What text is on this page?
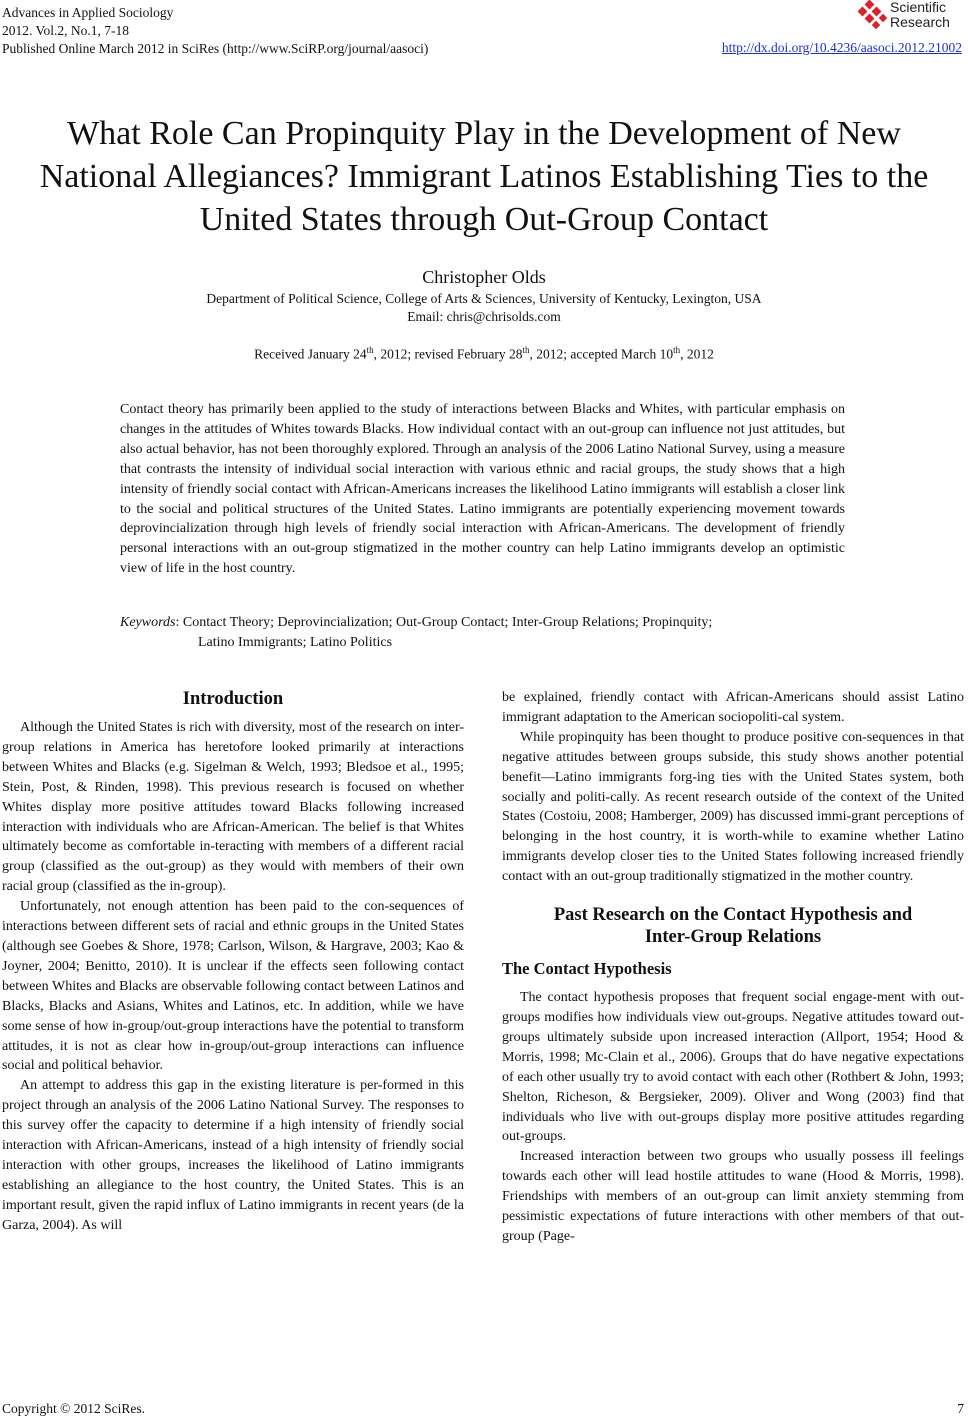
Advances in Applied Sociology
2012. Vol.2, No.1, 7-18
Published Online March 2012 in SciRes (http://www.SciRP.org/journal/aasoci)
Scientific
Research
http://dx.doi.org/10.4236/aasoci.2012.21002
What Role Can Propinquity Play in the Development of New
National Allegiances? Immigrant Latinos Establishing Ties to the
United States through Out-Group Contact
Christopher Olds
Department of Political Science, College of Arts & Sciences, University of Kentucky, Lexington, USA
Email: chris@chrisolds.com
Received January 24th, 2012; revised February 28th, 2012; accepted March 10th, 2012
Contact theory has primarily been applied to the study of interactions between Blacks and Whites, with particular emphasis on changes in the attitudes of Whites towards Blacks. How individual contact with an out-group can influence not just attitudes, but also actual behavior, has not been thoroughly explored. Through an analysis of the 2006 Latino National Survey, using a measure that contrasts the intensity of individual social interaction with various ethnic and racial groups, the study shows that a high intensity of friendly social contact with African-Americans increases the likelihood Latino immigrants will establish a closer link to the social and political structures of the United States. Latino immigrants are potentially experiencing movement towards deprovincialization through high levels of friendly social interaction with African-Americans. The development of friendly personal interactions with an out-group stigmatized in the mother country can help Latino immigrants develop an optimistic view of life in the host country.
Keywords: Contact Theory; Deprovincialization; Out-Group Contact; Inter-Group Relations; Propinquity;
Latino Immigrants; Latino Politics
Introduction

Although the United States is rich with diversity, most of the research on inter-group relations in America has heretofore looked primarily at interactions between Whites and Blacks (e.g. Sigelman & Welch, 1993; Bledsoe et al., 1995; Stein, Post, & Rinden, 1998). This previous research is focused on whether Whites display more positive attitudes toward Blacks following increased interaction with individuals who are African-American. The belief is that Whites ultimately become as comfortable in-teracting with members of a different racial group (classified as the out-group) as they would with members of their own racial group (classified as the in-group).

Unfortunately, not enough attention has been paid to the con-sequences of interactions between different sets of racial and ethnic groups in the United States (although see Goebes & Shore, 1978; Carlson, Wilson, & Hargrave, 2003; Kao & Joyner, 2004; Benitto, 2010). It is unclear if the effects seen following contact between Whites and Blacks are observable following contact between Latinos and Blacks, Blacks and Asians, Whites and Latinos, etc. In addition, while we have some sense of how in-group/out-group interactions have the potential to transform attitudes, it is not as clear how in-group/out-group interactions can influence social and political behavior.

An attempt to address this gap in the existing literature is per-formed in this project through an analysis of the 2006 Latino National Survey. The responses to this survey offer the capacity to determine if a high intensity of friendly social interaction with African-Americans, instead of a high intensity of friendly social interaction with other groups, increases the likelihood of Latino immigrants establishing an allegiance to the host country, the United States. This is an important result, given the rapid influx of Latino immigrants in recent years (de la Garza, 2004). As will

be explained, friendly contact with African-Americans should assist Latino immigrant adaptation to the American sociopoliti-cal system.

While propinquity has been thought to produce positive con-sequences in that negative attitudes between groups subside, this study shows another potential benefit—Latino immigrants forg-ing ties with the United States system, both socially and politi-cally. As recent research outside of the context of the United States (Costoiu, 2008; Hamberger, 2009) has discussed immi-grant perceptions of belonging in the host country, it is worth-while to examine whether Latino immigrants develop closer ties to the United States following increased friendly contact with an out-group traditionally stigmatized in the mother country.

Past Research on the Contact Hypothesis and
Inter-Group Relations
The Contact Hypothesis

The contact hypothesis proposes that frequent social engage-ment with out-groups modifies how individuals view out-groups. Negative attitudes toward out-groups ultimately subside upon increased interaction (Allport, 1954; Hood & Morris, 1998; Mc-Clain et al., 2006). Groups that do have negative expectations of each other usually try to avoid contact with each other (Rothbert & John, 1993; Shelton, Richeson, & Bergsieker, 2009). Oliver and Wong (2003) find that individuals who live with out-groups display more positive attitudes regarding out-groups.

Increased interaction between two groups who usually possess ill feelings towards each other will lead hostile attitudes to wane (Hood & Morris, 1998). Friendships with members of an out-group can limit anxiety stemming from pessimistic expectations of future interactions with other members of that out-group (Page-

Copyright © 2012 SciRes.	7
